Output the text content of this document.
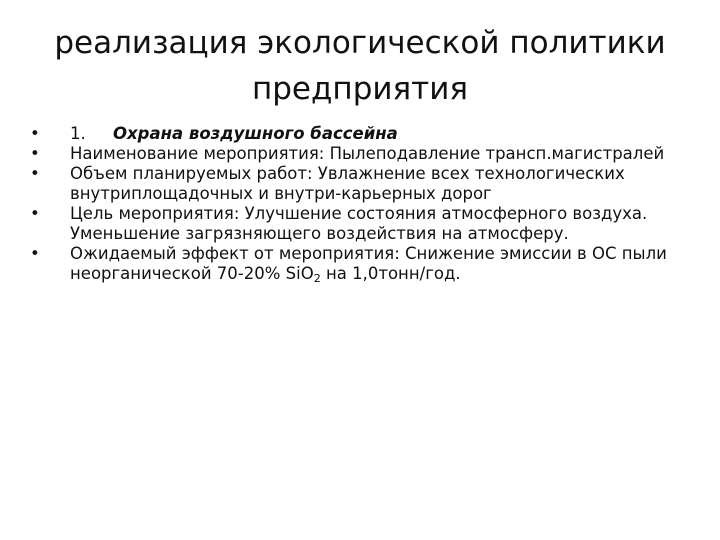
реализация экологической политики
предприятия
•	1. Охрана воздушного бассейна
•	Наименование мероприятия: Пылеподавление трансп.магистралей
•	Объем планируемых работ: Увлажнение всех технологических внутриплощадочных и внутри-карьерных дорог
•	Цель мероприятия: Улучшение состояния атмосферного воздуха. Уменьшение загрязняющего воздействия на атмосферу.
•	Ожидаемый эффект от мероприятия: Снижение эмиссии в ОС пыли неорганической 70-20% SiO$_2$ на 1,0тонн/год.
